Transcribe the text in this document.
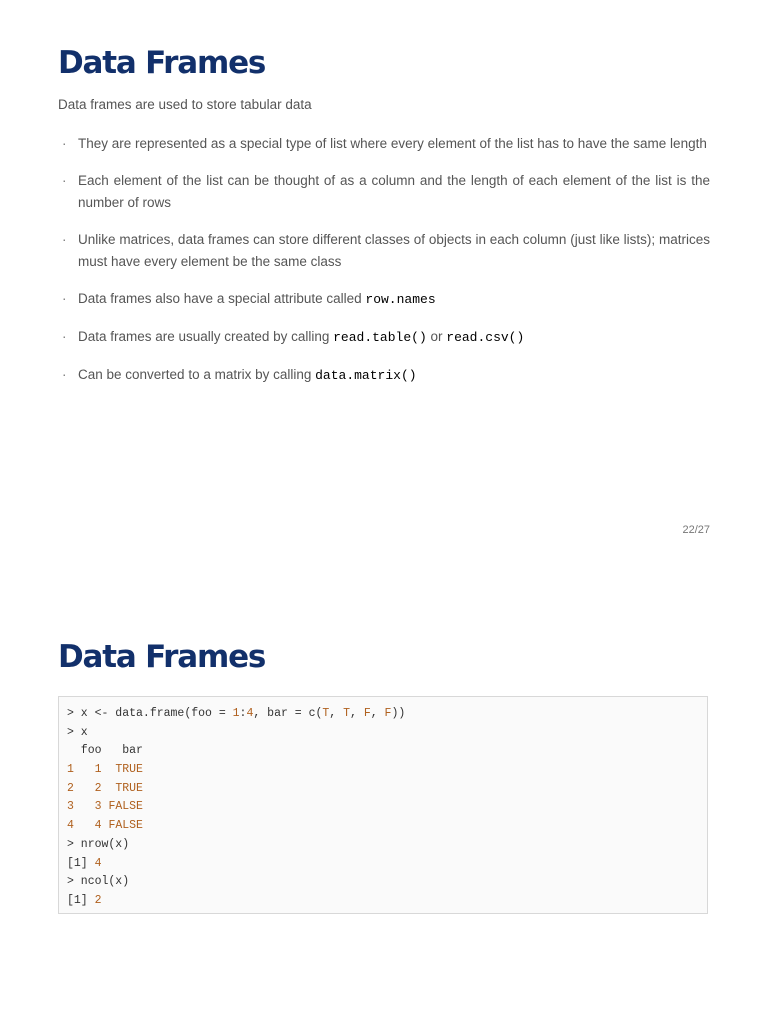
Data Frames
Data frames are used to store tabular data
· They are represented as a special type of list where every element of the list has to have the same length
· Each element of the list can be thought of as a column and the length of each element of the list is the number of rows
· Unlike matrices, data frames can store different classes of objects in each column (just like lists); matrices must have every element be the same class
· Data frames also have a special attribute called row.names
· Data frames are usually created by calling read.table() or read.csv()
· Can be converted to a matrix by calling data.matrix()
22/27
Data Frames
> x <- data.frame(foo = 1:4, bar = c(T, T, F, F))
> x
foo   bar
1 1 TRUE
2 2 TRUE
3 3 FALSE
4 4 FALSE
> nrow(x)
[1] 4
> ncol(x)
[1] 2
